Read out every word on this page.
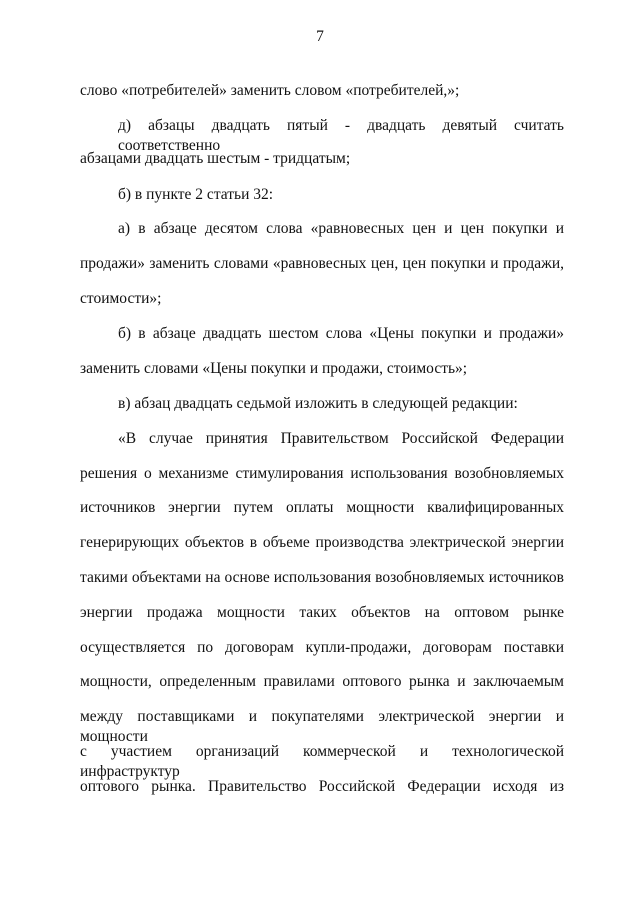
7
слово «потребителей» заменить словом «потребителей,»;
д) абзацы двадцать пятый - двадцать девятый считать соответственно
абзацами двадцать шестым - тридцатым;
б) в пункте 2 статьи 32:
а) в абзаце десятом слова «равновесных цен и цен покупки и
продажи» заменить словами «равновесных цен, цен покупки и продажи,
стоимости»;
б) в абзаце двадцать шестом слова «Цены покупки и продажи»
заменить словами «Цены покупки и продажи, стоимость»;
в) абзац двадцать седьмой изложить в следующей редакции:
«В случае принятия Правительством Российской Федерации
решения о механизме стимулирования использования возобновляемых
источников энергии путем оплаты мощности квалифицированных
генерирующих объектов в объеме производства электрической энергии
такими объектами на основе использования возобновляемых источников
энергии продажа мощности таких объектов на оптовом рынке
осуществляется по договорам купли-продажи, договорам поставки
мощности, определенным правилами оптового рынка и заключаемым
между поставщиками и покупателями электрической энергии и мощности
с участием организаций коммерческой и технологической инфраструктур
оптового рынка. Правительство Российской Федерации исходя из
